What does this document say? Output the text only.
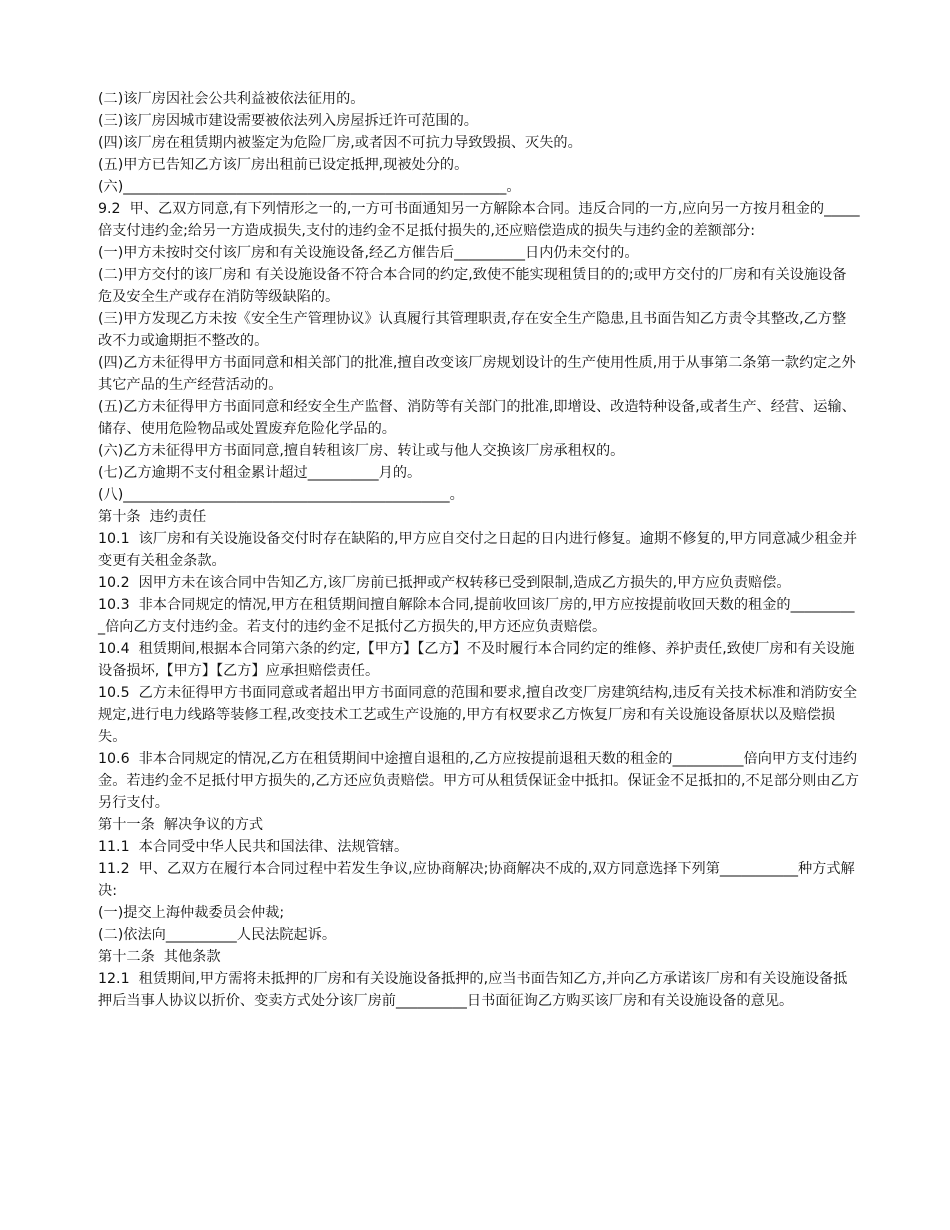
(二)该厂房因社会公共利益被依法征用的。

(三)该厂房因城市建设需要被依法列入房屋拆迁许可范围的。

(四)该厂房在租赁期内被鉴定为危险厂房,或者因不可抗力导致毁损、灭失的。

(五)甲方已告知乙方该厂房出租前已设定抵押,现被处分的。

(六)______________________________________________________。

9.2  甲、乙双方同意,有下列情形之一的,一方可书面通知另一方解除本合同。违反合同的一方,应向另一方按月租金的_____倍支付违约金;给另一方造成损失,支付的违约金不足抵付损失的,还应赔偿造成的损失与违约金的差额部分:

(一)甲方未按时交付该厂房和有关设施设备,经乙方催告后__________日内仍未交付的。

(二)甲方交付的该厂房和 有关设施设备不符合本合同的约定,致使不能实现租赁目的的;或甲方交付的厂房和有关设施设备危及安全生产或存在消防等级缺陷的。

(三)甲方发现乙方未按《安全生产管理协议》认真履行其管理职责,存在安全生产隐患,且书面告知乙方责令其整改,乙方整改不力或逾期拒不整改的。

(四)乙方未征得甲方书面同意和相关部门的批准,擅自改变该厂房规划设计的生产使用性质,用于从事第二条第一款约定之外其它产品的生产经营活动的。

(五)乙方未征得甲方书面同意和经安全生产监督、消防等有关部门的批准,即增设、改造特种设备,或者生产、经营、运输、储存、使用危险物品或处置废弃危险化学品的。

(六)乙方未征得甲方书面同意,擅自转租该厂房、转让或与他人交换该厂房承租权的。

(七)乙方逾期不支付租金累计超过__________月的。

(八)______________________________________________。

第十条  违约责任

10.1  该厂房和有关设施设备交付时存在缺陷的,甲方应自交付之日起的日内进行修复。逾期不修复的,甲方同意减少租金并变更有关租金条款。

10.2  因甲方未在该合同中告知乙方,该厂房前已抵押或产权转移已受到限制,造成乙方损失的,甲方应负责赔偿。

10.3  非本合同规定的情况,甲方在租赁期间擅自解除本合同,提前收回该厂房的,甲方应按提前收回天数的租金的__________倍向乙方支付违约金。若支付的违约金不足抵付乙方损失的,甲方还应负责赔偿。

10.4  租赁期间,根据本合同第六条的约定,【甲方】【乙方】不及时履行本合同约定的维修、养护责任,致使厂房和有关设施设备损坏,【甲方】【乙方】应承担赔偿责任。

10.5  乙方未征得甲方书面同意或者超出甲方书面同意的范围和要求,擅自改变厂房建筑结构,违反有关技术标准和消防安全规定,进行电力线路等装修工程,改变技术工艺或生产设施的,甲方有权要求乙方恢复厂房和有关设施设备原状以及赔偿损失。

10.6  非本合同规定的情况,乙方在租赁期间中途擅自退租的,乙方应按提前退租天数的租金的__________倍向甲方支付违约金。若违约金不足抵付甲方损失的,乙方还应负责赔偿。甲方可从租赁保证金中抵扣。保证金不足抵扣的,不足部分则由乙方另行支付。

第十一条  解决争议的方式

11.1  本合同受中华人民共和国法律、法规管辖。

11.2  甲、乙双方在履行本合同过程中若发生争议,应协商解决;协商解决不成的,双方同意选择下列第___________种方式解决:

(一)提交上海仲裁委员会仲裁;

(二)依法向__________人民法院起诉。

第十二条  其他条款

12.1  租赁期间,甲方需将未抵押的厂房和有关设施设备抵押的,应当书面告知乙方,并向乙方承诺该厂房和有关设施设备抵押后当事人协议以折价、变卖方式处分该厂房前__________日书面征询乙方购买该厂房和有关设施设备的意见。
